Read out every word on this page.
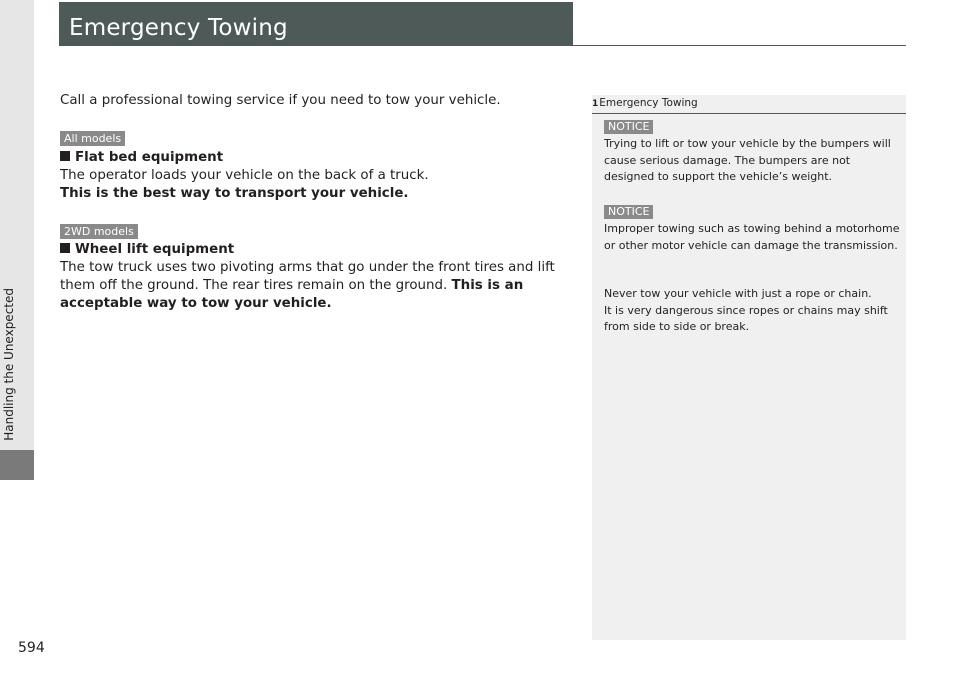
Handling the Unexpected
Emergency Towing
Call a professional towing service if you need to tow your vehicle.
All models
Flat bed equipment
The operator loads your vehicle on the back of a truck.
This is the best way to transport your vehicle.
2WD models
Wheel lift equipment
The tow truck uses two pivoting arms that go under the front tires and lift them off the ground. The rear tires remain on the ground. This is an acceptable way to tow your vehicle.
1Emergency Towing
NOTICE
Trying to lift or tow your vehicle by the bumpers will cause serious damage. The bumpers are not designed to support the vehicle’s weight.
NOTICE
Improper towing such as towing behind a motorhome or other motor vehicle can damage the transmission.
Never tow your vehicle with just a rope or chain.
It is very dangerous since ropes or chains may shift from side to side or break.
594
